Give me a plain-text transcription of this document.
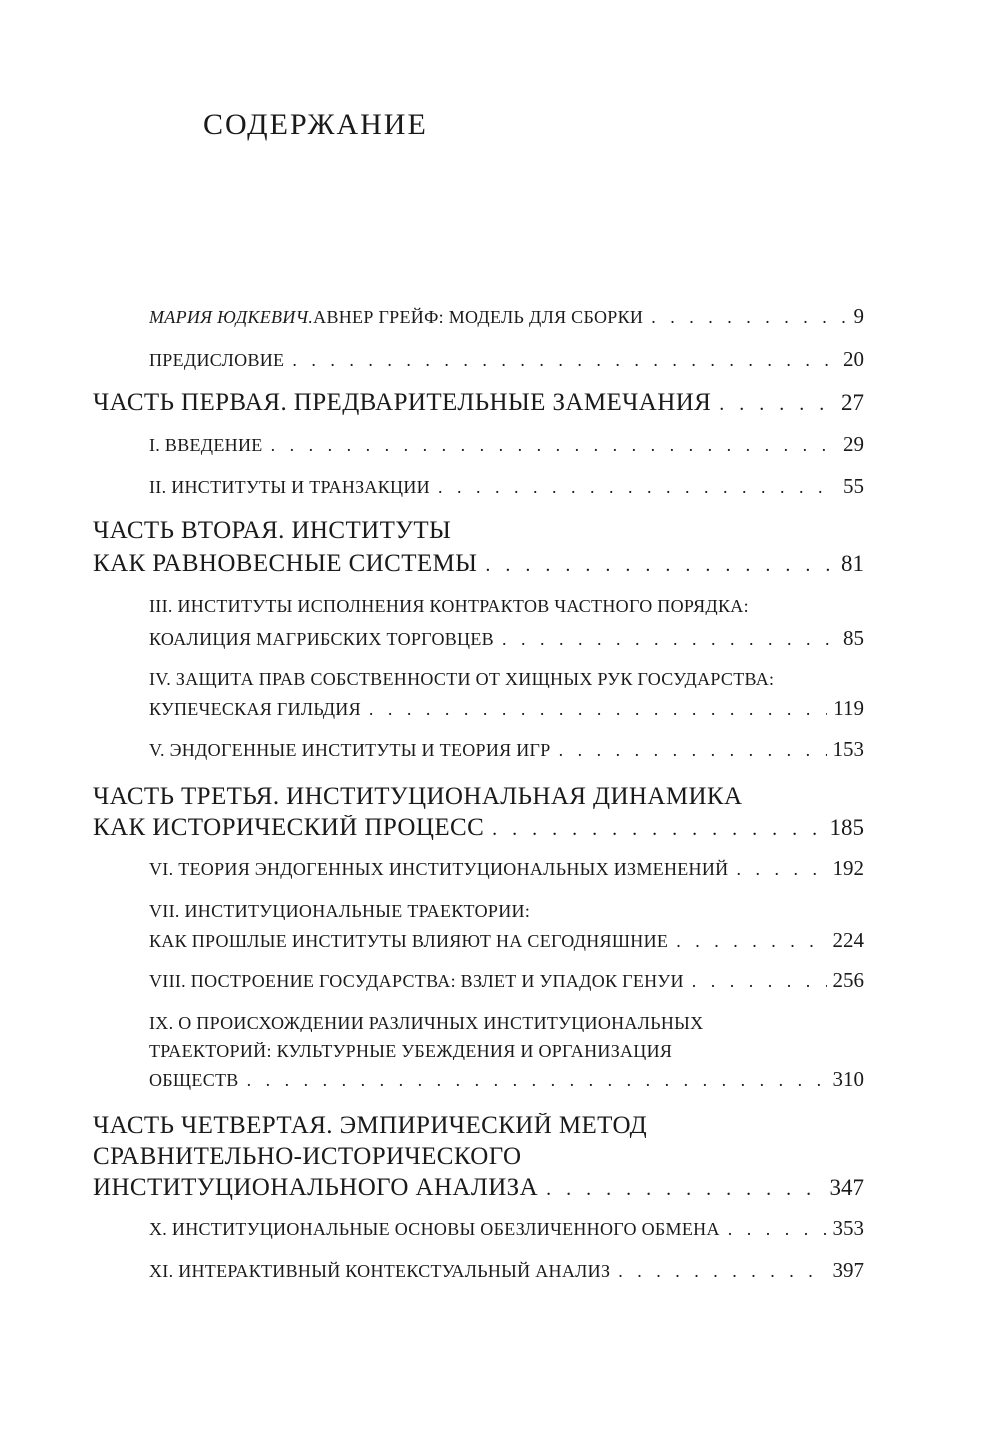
СОДЕРЖАНИЕ
МАРИЯ ЮДКЕВИЧ. АВНЕР ГРЕЙФ: МОДЕЛЬ ДЛЯ СБОРКИ . . .	9
ПРЕДИСЛОВИЕ . . .	20
ЧАСТЬ ПЕРВАЯ. ПРЕДВАРИТЕЛЬНЫЕ ЗАМЕЧАНИЯ . . .	27
I. ВВЕДЕНИЕ . . .	29
II. ИНСТИТУТЫ И ТРАНЗАКЦИИ . . .	55
ЧАСТЬ ВТОРАЯ. ИНСТИТУТЫ
КАК РАВНОВЕСНЫЕ СИСТЕМЫ . . .	81
III. ИНСТИТУТЫ ИСПОЛНЕНИЯ КОНТРАКТОВ ЧАСТНОГО ПОРЯДКА:
КОАЛИЦИЯ МАГРИБСКИХ ТОРГОВЦЕВ . . .	85
IV. ЗАЩИТА ПРАВ СОБСТВЕННОСТИ ОТ ХИЩНЫХ РУК ГОСУДАРСТВА:
КУПЕЧЕСКАЯ ГИЛЬДИЯ . . .	119
V. ЭНДОГЕННЫЕ ИНСТИТУТЫ И ТЕОРИЯ ИГР . . .	153
ЧАСТЬ ТРЕТЬЯ. ИНСТИТУЦИОНАЛЬНАЯ ДИНАМИКА
КАК ИСТОРИЧЕСКИЙ ПРОЦЕСС . . .	185
VI. ТЕОРИЯ ЭНДОГЕННЫХ ИНСТИТУЦИОНАЛЬНЫХ ИЗМЕНЕНИЙ . . .	192
VII. ИНСТИТУЦИОНАЛЬНЫЕ ТРАЕКТОРИИ:
КАК ПРОШЛЫЕ ИНСТИТУТЫ ВЛИЯЮТ НА СЕГОДНЯШНИЕ . . .	224
VIII. ПОСТРОЕНИЕ ГОСУДАРСТВА: ВЗЛЕТ И УПАДОК ГЕНУИ . . .	256
IX. О ПРОИСХОЖДЕНИИ РАЗЛИЧНЫХ ИНСТИТУЦИОНАЛЬНЫХ
ТРАЕКТОРИЙ: КУЛЬТУРНЫЕ УБЕЖДЕНИЯ И ОРГАНИЗАЦИЯ
ОБЩЕСТВ . . .	310
ЧАСТЬ ЧЕТВЕРТАЯ. ЭМПИРИЧЕСКИЙ МЕТОД
СРАВНИТЕЛЬНО-ИСТОРИЧЕСКОГО
ИНСТИТУЦИОНАЛЬНОГО АНАЛИЗА . . .	347
X. ИНСТИТУЦИОНАЛЬНЫЕ ОСНОВЫ ОБЕЗЛИЧЕННОГО ОБМЕНА . . .	353
XI. ИНТЕРАКТИВНЫЙ КОНТЕКСТУАЛЬНЫЙ АНАЛИЗ . . .	397
